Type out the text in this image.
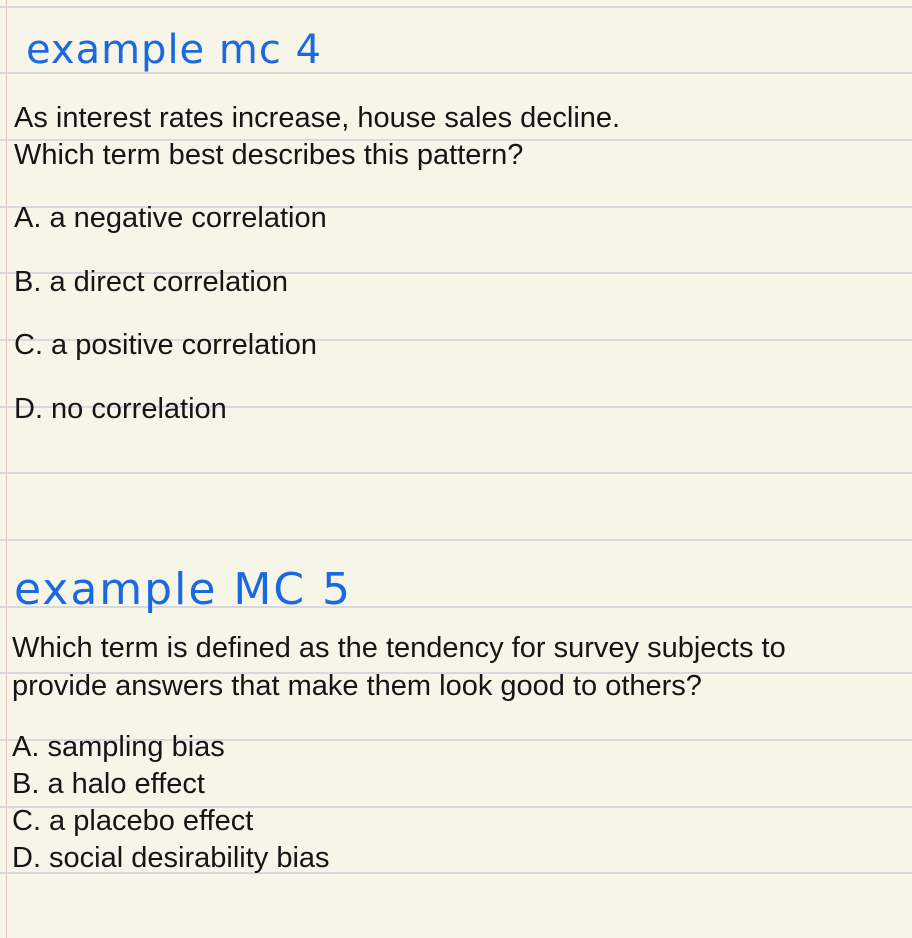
example mc 4

As interest rates increase, house sales decline.

Which term best describes this pattern?

A. a negative correlation

B. a direct correlation

C. a positive correlation

D. no correlation

example MC 5

Which term is defined as the tendency for survey subjects to

provide answers that make them look good to others?

A. sampling bias

B. a halo effect

C. a placebo effect

D. social desirability bias
